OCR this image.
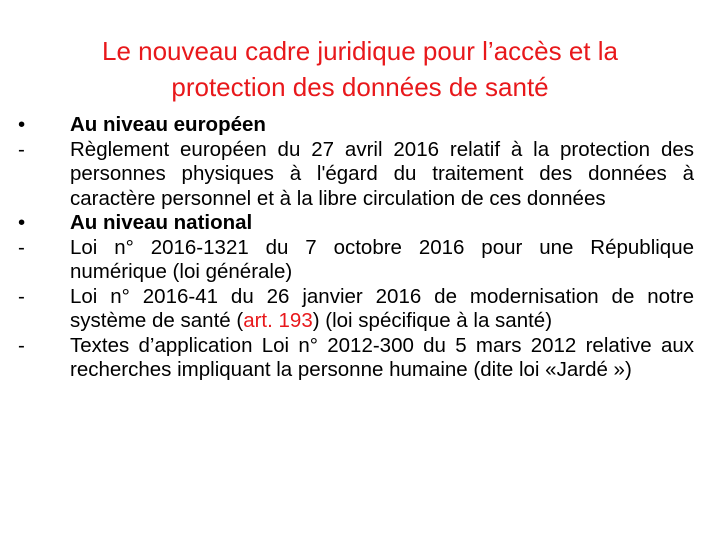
Le nouveau cadre juridique pour l’accès et la
protection des données de santé
•	Au niveau européen
-	Règlement européen du 27 avril 2016 relatif à la protection des personnes physiques à l'égard du traitement des données à caractère personnel et à la libre circulation de ces données
•	Au niveau national
-	Loi n° 2016-1321 du 7 octobre 2016 pour une République numérique (loi générale)
-	Loi n° 2016-41 du 26 janvier 2016 de modernisation de notre système de santé (art. 193) (loi spécifique à la santé)
-	Textes d’application Loi n° 2012-300 du 5 mars 2012 relative aux recherches impliquant la personne humaine (dite loi «Jardé »)
